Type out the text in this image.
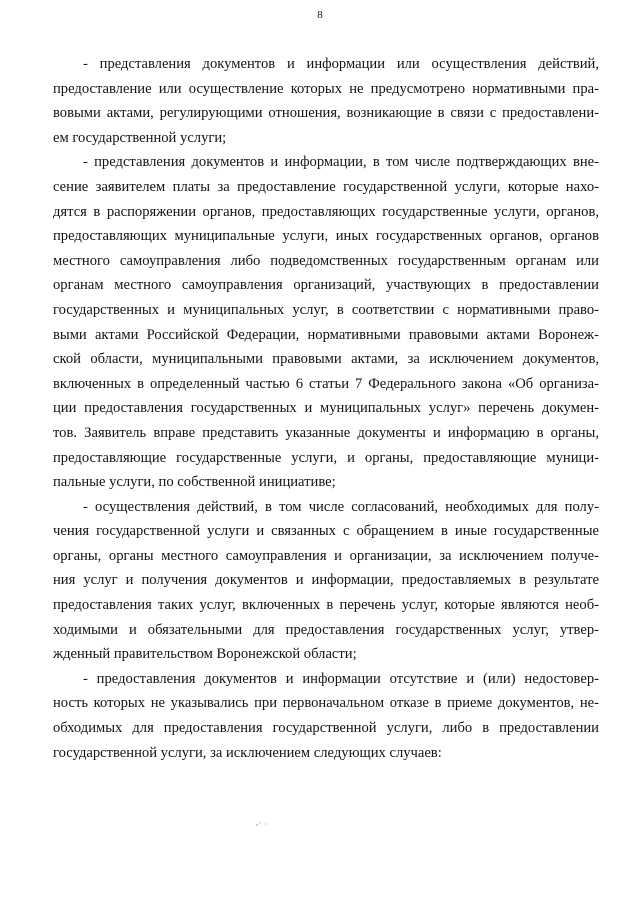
8
- представления документов и информации или осуществления действий,
предоставление или осуществление которых не предусмотрено нормативными пра-
вовыми актами, регулирующими отношения, возникающие в связи с предоставлени-
ем государственной услуги;
- представления документов и информации, в том числе подтверждающих вне-
сение заявителем платы за предоставление государственной услуги, которые нахо-
дятся в распоряжении органов, предоставляющих государственные услуги, органов,
предоставляющих муниципальные услуги, иных государственных органов, органов
местного самоуправления либо подведомственных государственным органам или
органам местного самоуправления организаций, участвующих в предоставлении
государственных и муниципальных услуг, в соответствии с нормативными право-
выми актами Российской Федерации, нормативными правовыми актами Воронеж-
ской области, муниципальными правовыми актами, за исключением документов,
включенных в определенный частью 6 статьи 7 Федерального закона «Об организа-
ции предоставления государственных и муниципальных услуг» перечень докумен-
тов. Заявитель вправе представить указанные документы и информацию в органы,
предоставляющие государственные услуги, и органы, предоставляющие муници-
пальные услуги, по собственной инициативе;
- осуществления действий, в том числе согласований, необходимых для полу-
чения государственной услуги и связанных с обращением в иные государственные
органы, органы местного самоуправления и организации, за исключением получе-
ния услуг и получения документов и информации, предоставляемых в результате
предоставления таких услуг, включенных в перечень услуг, которые являются необ-
ходимыми и обязательными для предоставления государственных услуг, утвер-
жденный правительством Воронежской области;
- предоставления документов и информации отсутствие и (или) недостовер-
ность которых не указывались при первоначальном отказе в приеме документов, не-
обходимых для предоставления государственной услуги, либо в предоставлении
государственной услуги, за исключением следующих случаев:
